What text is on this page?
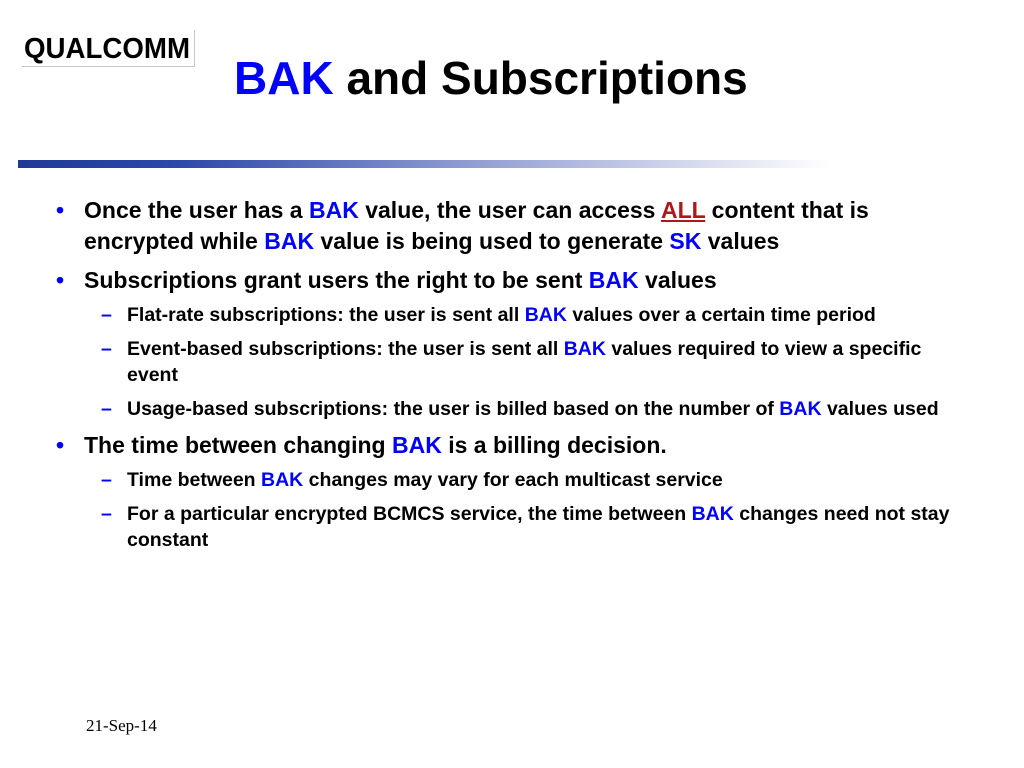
QUALCOMM
BAK and Subscriptions
• Once the user has a BAK value, the user can access ALL content that is encrypted while BAK value is being used to generate SK values
• Subscriptions grant users the right to be sent BAK values
– Flat-rate subscriptions: the user is sent all BAK values over a certain time period
– Event-based subscriptions: the user is sent all BAK values required to view a specific event
– Usage-based subscriptions: the user is billed based on the number of BAK values used
• The time between changing BAK is a billing decision.
– Time between BAK changes may vary for each multicast service
– For a particular encrypted BCMCS service, the time between BAK changes need not stay constant
21-Sep-14
